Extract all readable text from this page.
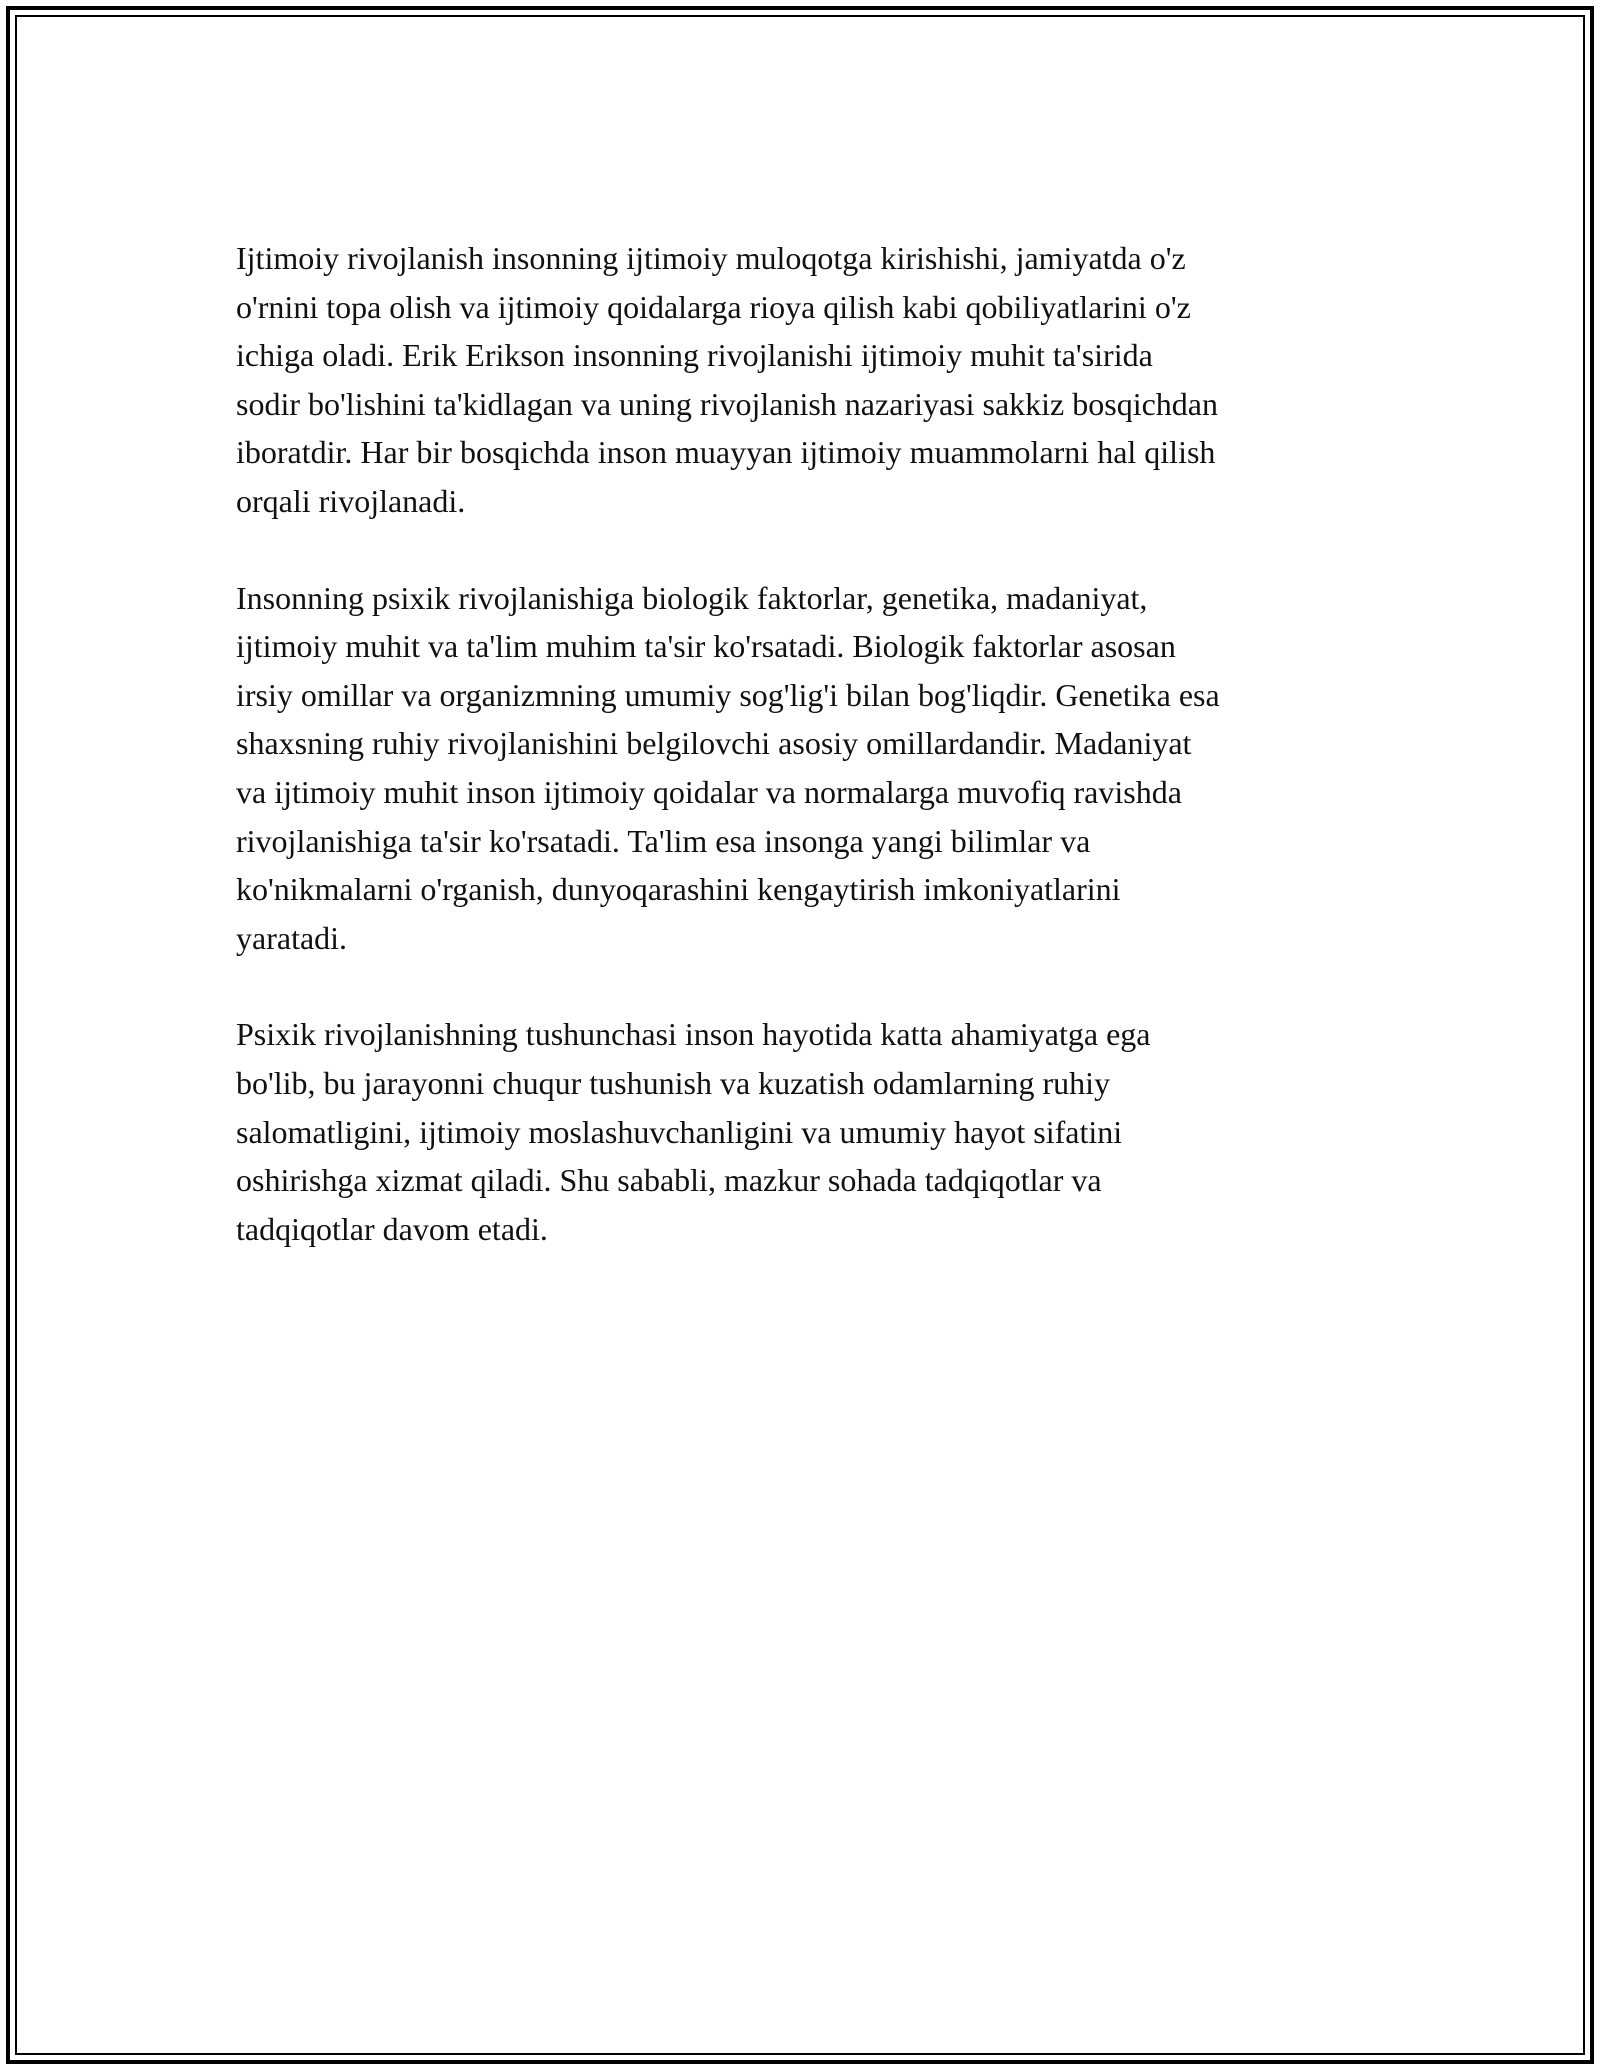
Ijtimoiy rivojlanish insonning ijtimoiy muloqotga kirishishi, jamiyatda o'z
o'rnini topa olish va ijtimoiy qoidalarga rioya qilish kabi qobiliyatlarini o'z
ichiga oladi. Erik Erikson insonning rivojlanishi ijtimoiy muhit ta'sirida
sodir bo'lishini ta'kidlagan va uning rivojlanish nazariyasi sakkiz bosqichdan
iboratdir. Har bir bosqichda inson muayyan ijtimoiy muammolarni hal qilish
orqali rivojlanadi.

Insonning psixik rivojlanishiga biologik faktorlar, genetika, madaniyat,
ijtimoiy muhit va ta'lim muhim ta'sir ko'rsatadi. Biologik faktorlar asosan
irsiy omillar va organizmning umumiy sog'lig'i bilan bog'liqdir. Genetika esa
shaxsning ruhiy rivojlanishini belgilovchi asosiy omillardandir. Madaniyat
va ijtimoiy muhit inson ijtimoiy qoidalar va normalarga muvofiq ravishda
rivojlanishiga ta'sir ko'rsatadi. Ta'lim esa insonga yangi bilimlar va
ko'nikmalarni o'rganish, dunyoqarashini kengaytirish imkoniyatlarini
yaratadi.

Psixik rivojlanishning tushunchasi inson hayotida katta ahamiyatga ega
bo'lib, bu jarayonni chuqur tushunish va kuzatish odamlarning ruhiy
salomatligini, ijtimoiy moslashuvchanligini va umumiy hayot sifatini
oshirishga xizmat qiladi. Shu sababli, mazkur sohada tadqiqotlar va
tadqiqotlar davom etadi.
